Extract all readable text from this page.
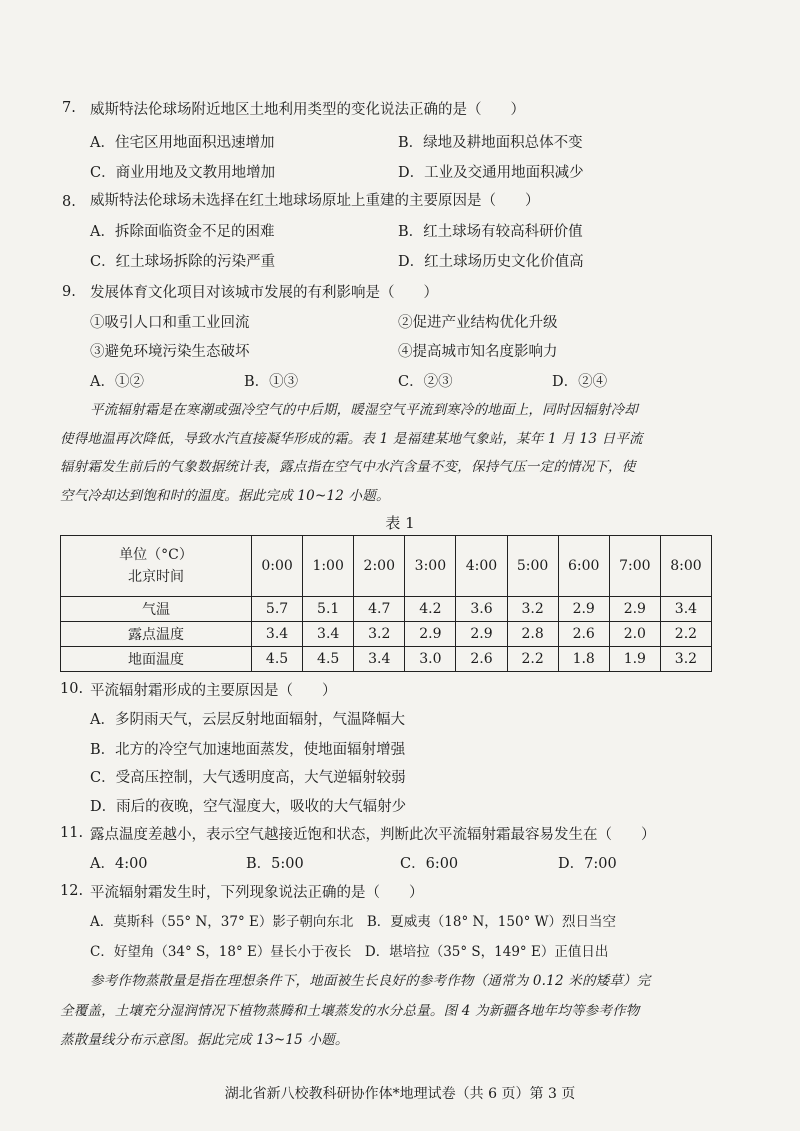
7. 威斯特法伦球场附近地区土地利用类型的变化说法正确的是（　　）
A．住宅区用地面积迅速增加	B．绿地及耕地面积总体不变
C．商业用地及文教用地增加	D．工业及交通用地面积减少
8. 威斯特法伦球场未选择在红土地球场原址上重建的主要原因是（　　）
A．拆除面临资金不足的困难	B．红土球场有较高科研价值
C．红土球场拆除的污染严重	D．红土球场历史文化价值高
9. 发展体育文化项目对该城市发展的有利影响是（　　）
①吸引人口和重工业回流	②促进产业结构优化升级
③避免环境污染生态破坏	④提高城市知名度影响力
A．①②	B．①③	C．②③	D．②④
平流辐射霜是在寒潮或强冷空气的中后期，暖湿空气平流到寒冷的地面上，同时因辐射冷却
使得地温再次降低，导致水汽直接凝华形成的霜。表 1 是福建某地气象站，某年 1 月 13 日平流
辐射霜发生前后的气象数据统计表，露点指在空气中水汽含量不变，保持气压一定的情况下，使
空气冷却达到饱和时的温度。据此完成 10~12 小题。
表 1
单位（°C）
北京时间	0:00	1:00	2:00	3:00	4:00	5:00	6:00	7:00	8:00
气温	5.7	5.1	4.7	4.2	3.6	3.2	2.9	2.9	3.4
露点温度	3.4	3.4	3.2	2.9	2.9	2.8	2.6	2.0	2.2
地面温度	4.5	4.5	3.4	3.0	2.6	2.2	1.8	1.9	3.2
10. 平流辐射霜形成的主要原因是（　　）
A．多阴雨天气，云层反射地面辐射，气温降幅大
B．北方的冷空气加速地面蒸发，使地面辐射增强
C．受高压控制，大气透明度高，大气逆辐射较弱
D．雨后的夜晚，空气湿度大，吸收的大气辐射少
11. 露点温度差越小，表示空气越接近饱和状态，判断此次平流辐射霜最容易发生在（　　）
A．4:00	B．5:00	C．6:00	D．7:00
12. 平流辐射霜发生时，下列现象说法正确的是（　　）
A．莫斯科（55° N，37° E）影子朝向东北　B．夏威夷（18° N，150° W）烈日当空
C．好望角（34° S，18° E）昼长小于夜长　D．堪培拉（35° S，149° E）正值日出
参考作物蒸散量是指在理想条件下，地面被生长良好的参考作物（通常为 0.12 米的矮草）完
全覆盖，土壤充分湿润情况下植物蒸腾和土壤蒸发的水分总量。图 4 为新疆各地年均等参考作物
蒸散量线分布示意图。据此完成 13~15 小题。
湖北省新八校教科研协作体*地理试卷（共 6 页）第 3 页
